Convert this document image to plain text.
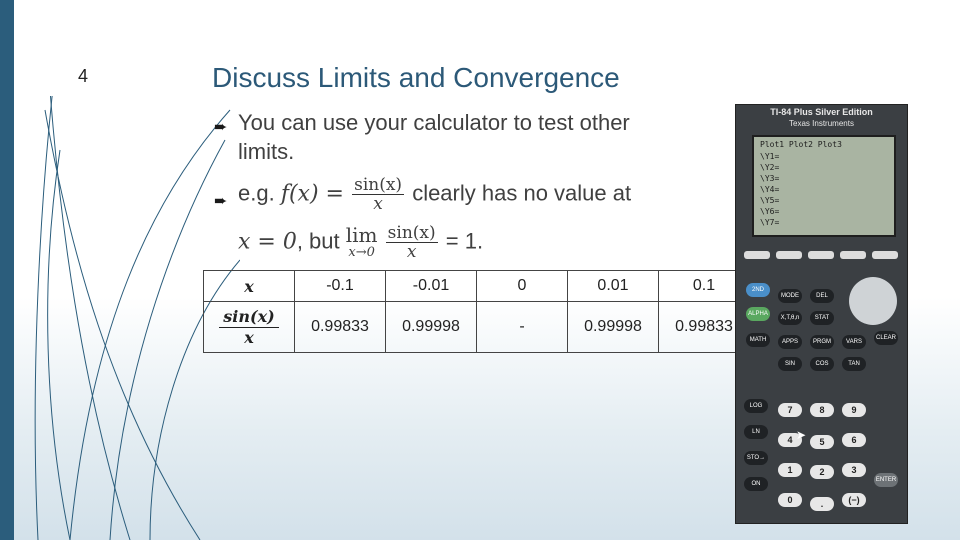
4	Discuss Limits and Convergence
➨ You can use your calculator to test other
limits.
➨ e.g. $f(x) = \frac{\sin(x)}{x}$ clearly has no value at
x = 0, but lim
x→0
$\frac{\sin(x)}{x} = 1$.
x	-0.1	-0.01	0	0.01	0.1

$\frac{\sin(x)}{x}$	0.99833	0.99998	-	0.99998	0.99833
TI-84 Plus Silver Edition
Texas Instruments
Plot1 Plot2 Plot3
\Y1=
\Y2=
\Y3=
\Y4=
\Y5=
\Y6=
\Y7=
2ND
MODE	DEL
ALPHA
X,T,θ,n	STAT
MATH	APPS	PRGM	VARS
CLEAR
SIN	COS	TAN
LOG
LN
STO→
ON
7	8	9
4	5	6
1	2	3
0	.	(−)
ENTER
➤
